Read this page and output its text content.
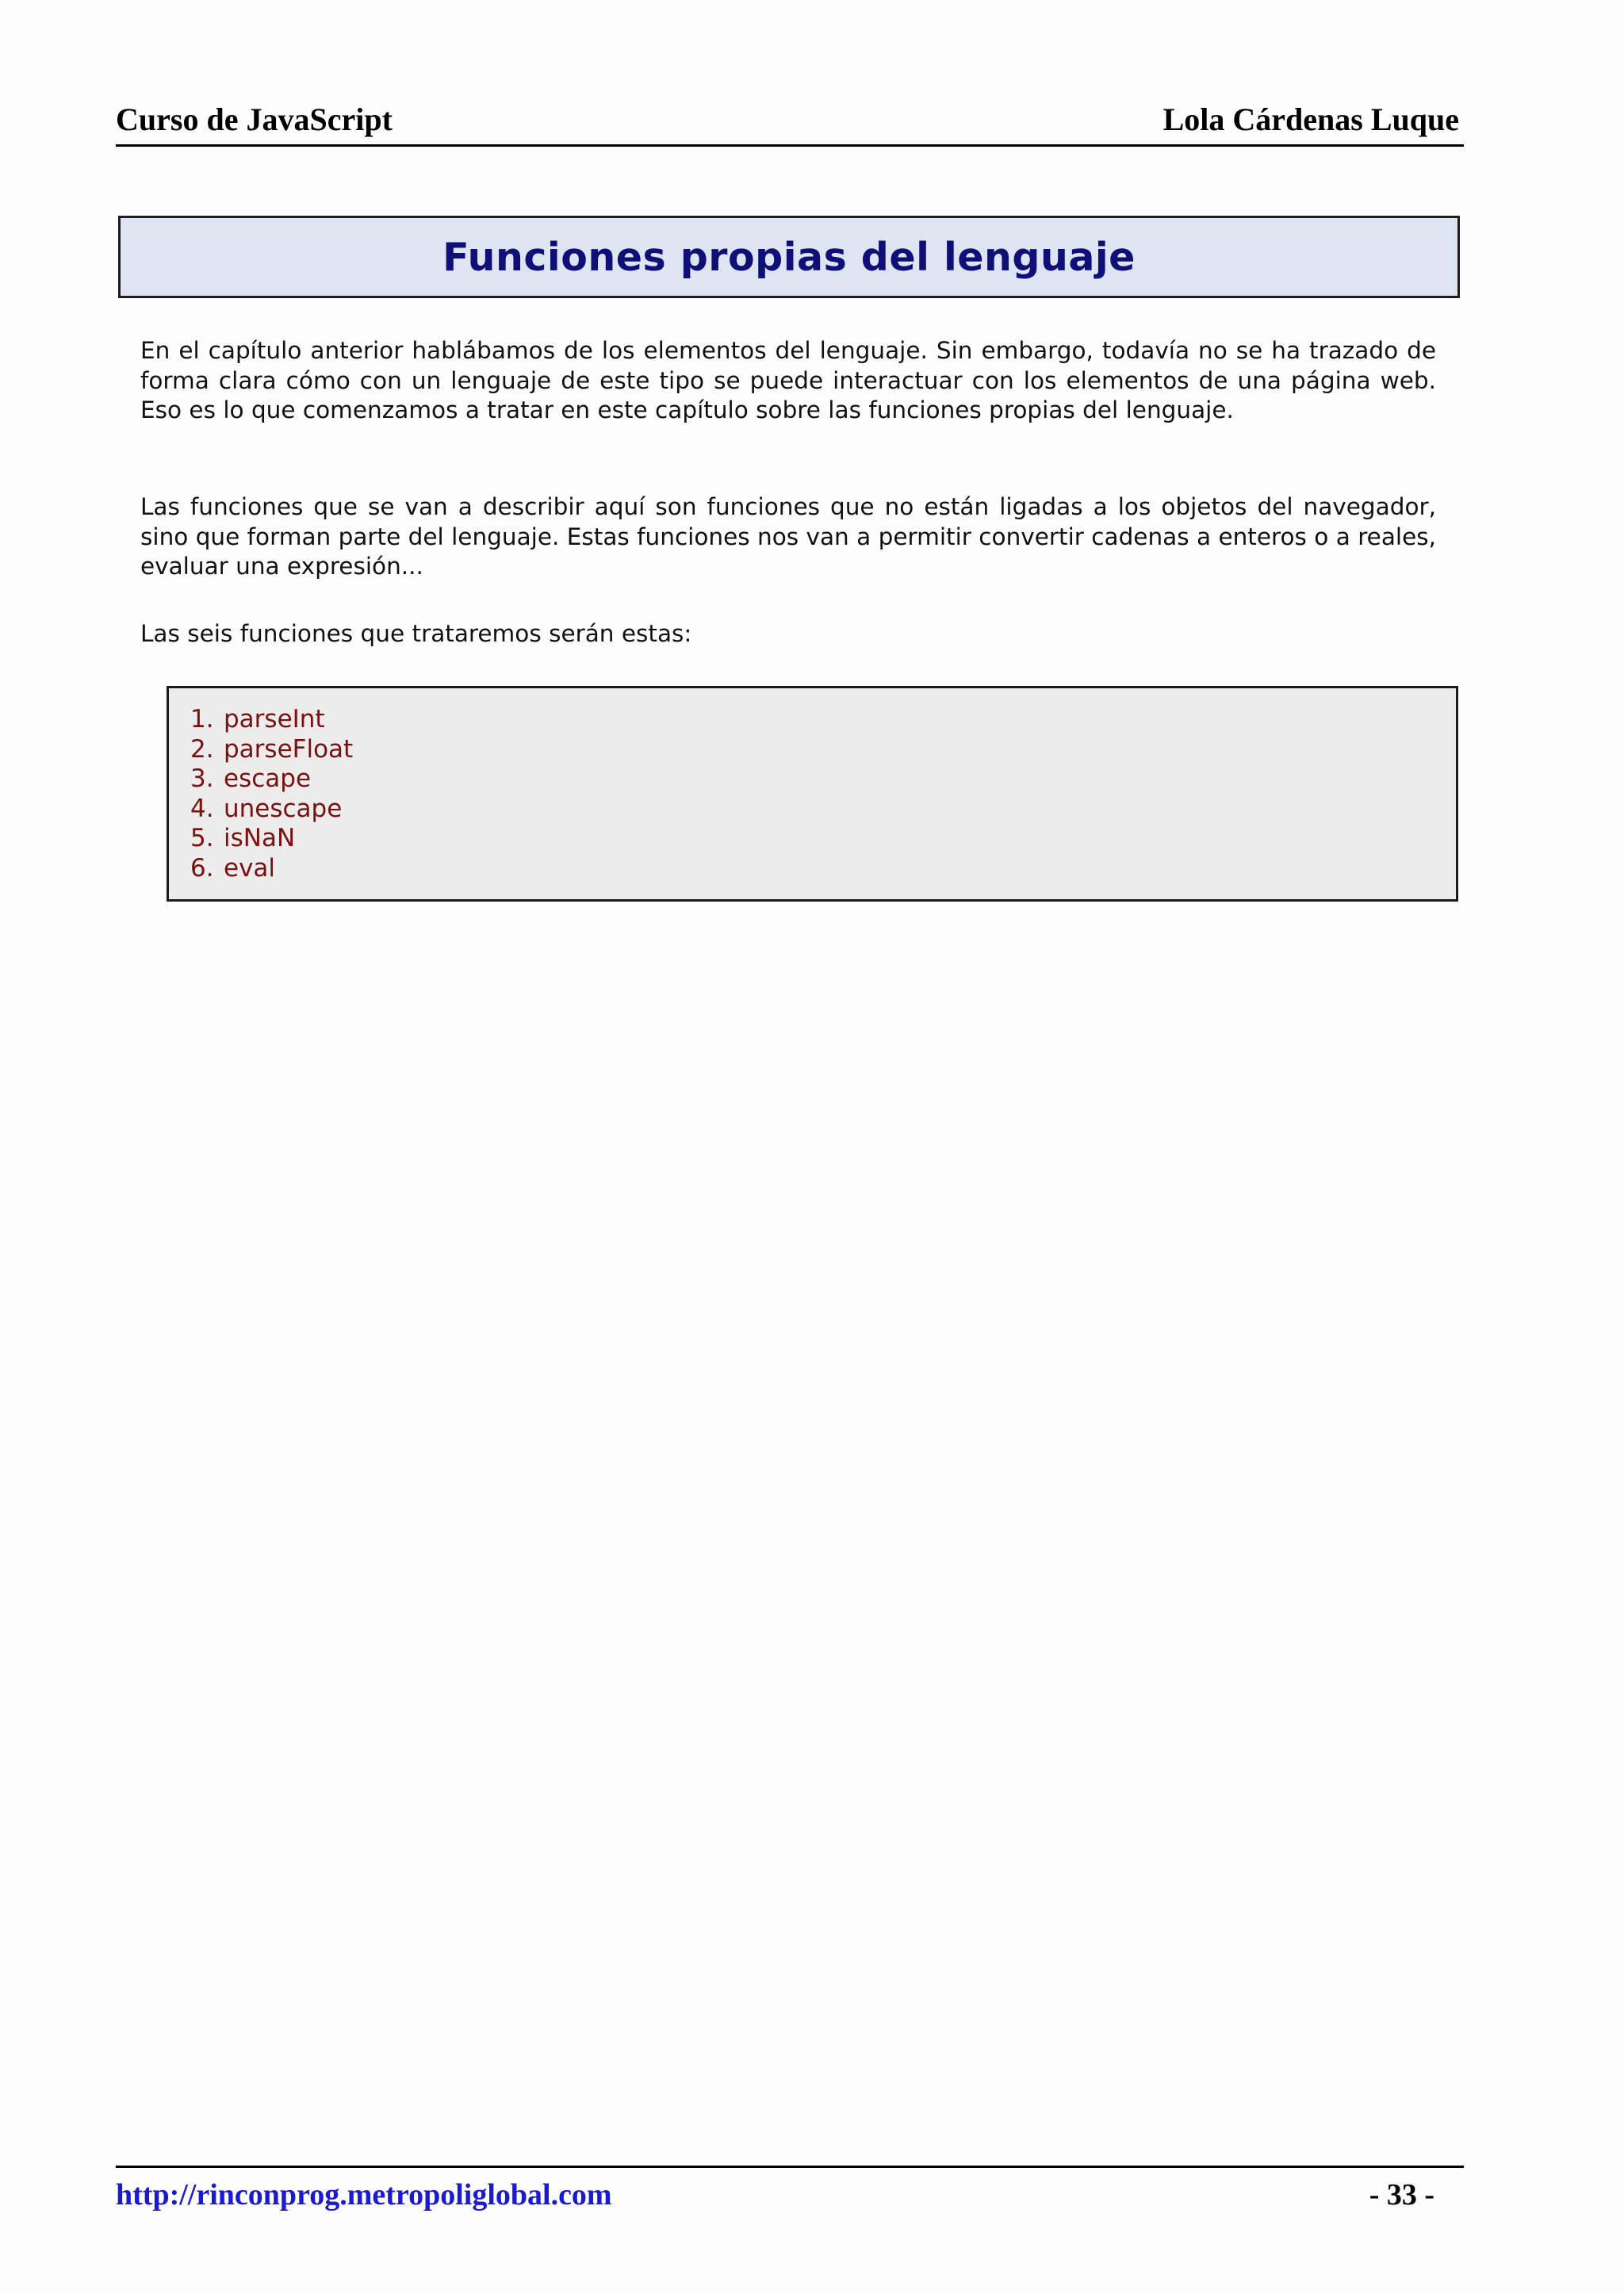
Curso de JavaScript	Lola Cárdenas Luque
Funciones propias del lenguaje

En el capítulo anterior hablábamos de los elementos del lenguaje. Sin embargo, todavía no se ha trazado de forma clara cómo con un lenguaje de este tipo se puede interactuar con los elementos de una página web. Eso es lo que comenzamos a tratar en este capítulo sobre las funciones propias del lenguaje.

Las funciones que se van a describir aquí son funciones que no están ligadas a los objetos del navegador, sino que forman parte del lenguaje. Estas funciones nos van a permitir convertir cadenas a enteros o a reales, evaluar una expresión...

Las seis funciones que trataremos serán estas:

1. parseInt
2. parseFloat
3. escape
4. unescape
5. isNaN
6. eval
http://rinconprog.metropoliglobal.com	- 33 -
